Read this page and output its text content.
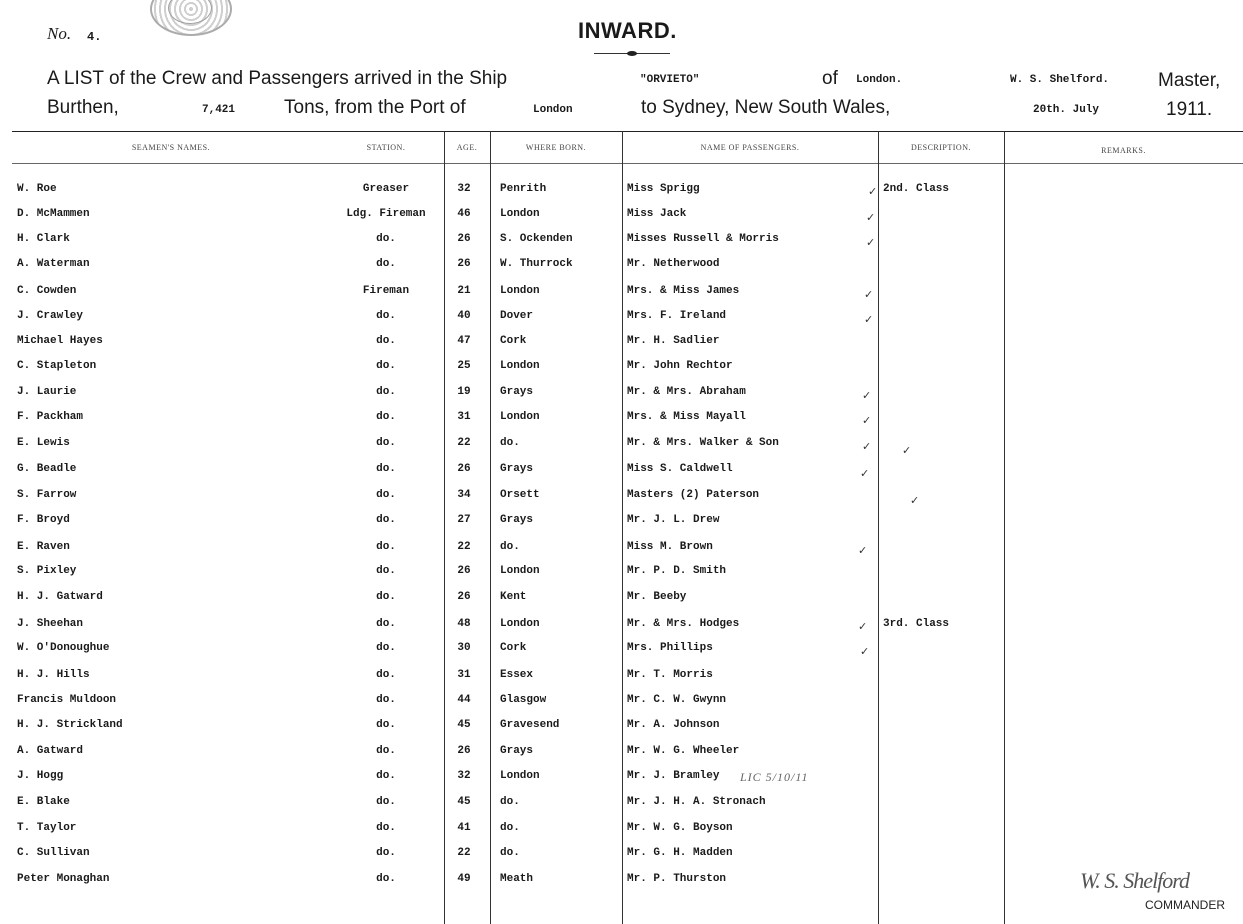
No. 4.	INWARD.
A LIST of the Crew and Passengers arrived in the Ship	"ORVIETO"	of London.	W. S. Shelford.	Master,
Burthen,	7,421	Tons, from the Port of	London	to Sydney, New South Wales,	20th. July	1911.
SEAMEN'S NAMES.	STATION.	AGE.	WHERE BORN.	NAME OF PASSENGERS.	DESCRIPTION.	REMARKS.
W. Roe	Greaser	32	Penrith	Miss Sprigg	2nd. Class
D. McMammen	Ldg. Fireman	46	London	Miss Jack
H. Clark	do.	26	S. Ockenden	Misses Russell & Morris
A. Waterman	do.	26	W. Thurrock	Mr. Netherwood
C. Cowden	Fireman	21	London	Mrs. & Miss James
J. Crawley	do.	40	Dover	Mrs. F. Ireland
Michael Hayes	do.	47	Cork	Mr. H. Sadlier
C. Stapleton	do.	25	London	Mr. John Rechtor
J. Laurie	do.	19	Grays	Mr. & Mrs. Abraham
F. Packham	do.	31	London	Mrs. & Miss Mayall
E. Lewis	do.	22	do.	Mr. & Mrs. Walker & Son
G. Beadle	do.	26	Grays	Miss S. Caldwell
S. Farrow	do.	34	Orsett	Masters (2) Paterson
F. Broyd	do.	27	Grays	Mr. J. L. Drew
E. Raven	do.	22	do.	Miss M. Brown
S. Pixley	do.	26	London	Mr. P. D. Smith
H. J. Gatward	do.	26	Kent	Mr. Beeby
J. Sheehan	do.	48	London	Mr. & Mrs. Hodges	3rd. Class
W. O'Donoughue	do.	30	Cork	Mrs. Phillips
H. J. Hills	do.	31	Essex	Mr. T. Morris
Francis Muldoon	do.	44	Glasgow	Mr. C. W. Gwynn
H. J. Strickland	do.	45	Gravesend	Mr. A. Johnson
A. Gatward	do.	26	Grays	Mr. W. G. Wheeler
J. Hogg	do.	32	London	Mr. J. Bramley
E. Blake	do.	45	do.	Mr. J. H. A. Stronach
T. Taylor	do.	41	do.	Mr. W. G. Boyson
C. Sullivan	do.	22	do.	Mr. G. H. Madden
Peter Monaghan	do.	49	Meath	Mr. P. Thurston
✓
✓
✓
✓
✓
✓
✓
✓	✓
✓
✓
✓
✓
✓
LIC 5/10/11
W. S. Shelford
COMMANDER
